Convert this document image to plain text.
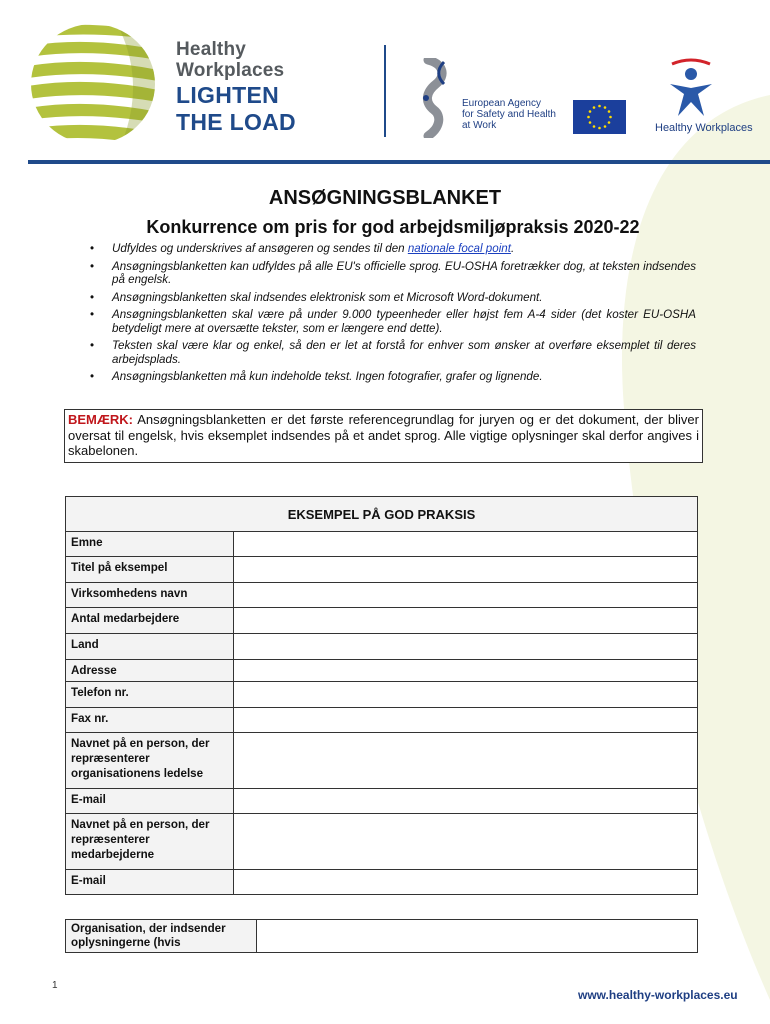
Healthy
Workplaces
LIGHTEN
THE LOAD
European Agency
for Safety and Health
at Work	Healthy Workplaces
ANSØGNINGSBLANKET
Konkurrence om pris for god arbejdsmiljøpraksis 2020-22
• Udfyldes og underskrives af ansøgeren og sendes til den nationale focal point.
• Ansøgningsblanketten kan udfyldes på alle EU's officielle sprog. EU-OSHA foretrækker dog, at teksten indsendes på engelsk.
• Ansøgningsblanketten skal indsendes elektronisk som et Microsoft Word-dokument.
• Ansøgningsblanketten skal være på under 9.000 typeenheder eller højst fem A-4 sider (det koster EU-OSHA betydeligt mere at oversætte tekster, som er længere end dette).
• Teksten skal være klar og enkel, så den er let at forstå for enhver som ønsker at overføre eksemplet til deres arbejdsplads.
• Ansøgningsblanketten må kun indeholde tekst. Ingen fotografier, grafer og lignende.
BEMÆRK: Ansøgningsblanketten er det første referencegrundlag for juryen og er det dokument, der bliver oversat til engelsk, hvis eksemplet indsendes på et andet sprog. Alle vigtige oplysninger skal derfor angives i skabelonen.
EKSEMPEL PÅ GOD PRAKSIS	
Emne	
Titel på eksempel	
Virksomhedens navn	
Antal medarbejdere	
Land	
Adresse	
Telefon nr.	
Fax nr.	
Navnet på en person, der repræsenterer organisationens ledelse	
E-mail	
Navnet på en person, der repræsenterer medarbejderne	
E-mail	
Organisation, der indsender oplysningerne (hvis	
1
www.healthy-workplaces.eu
